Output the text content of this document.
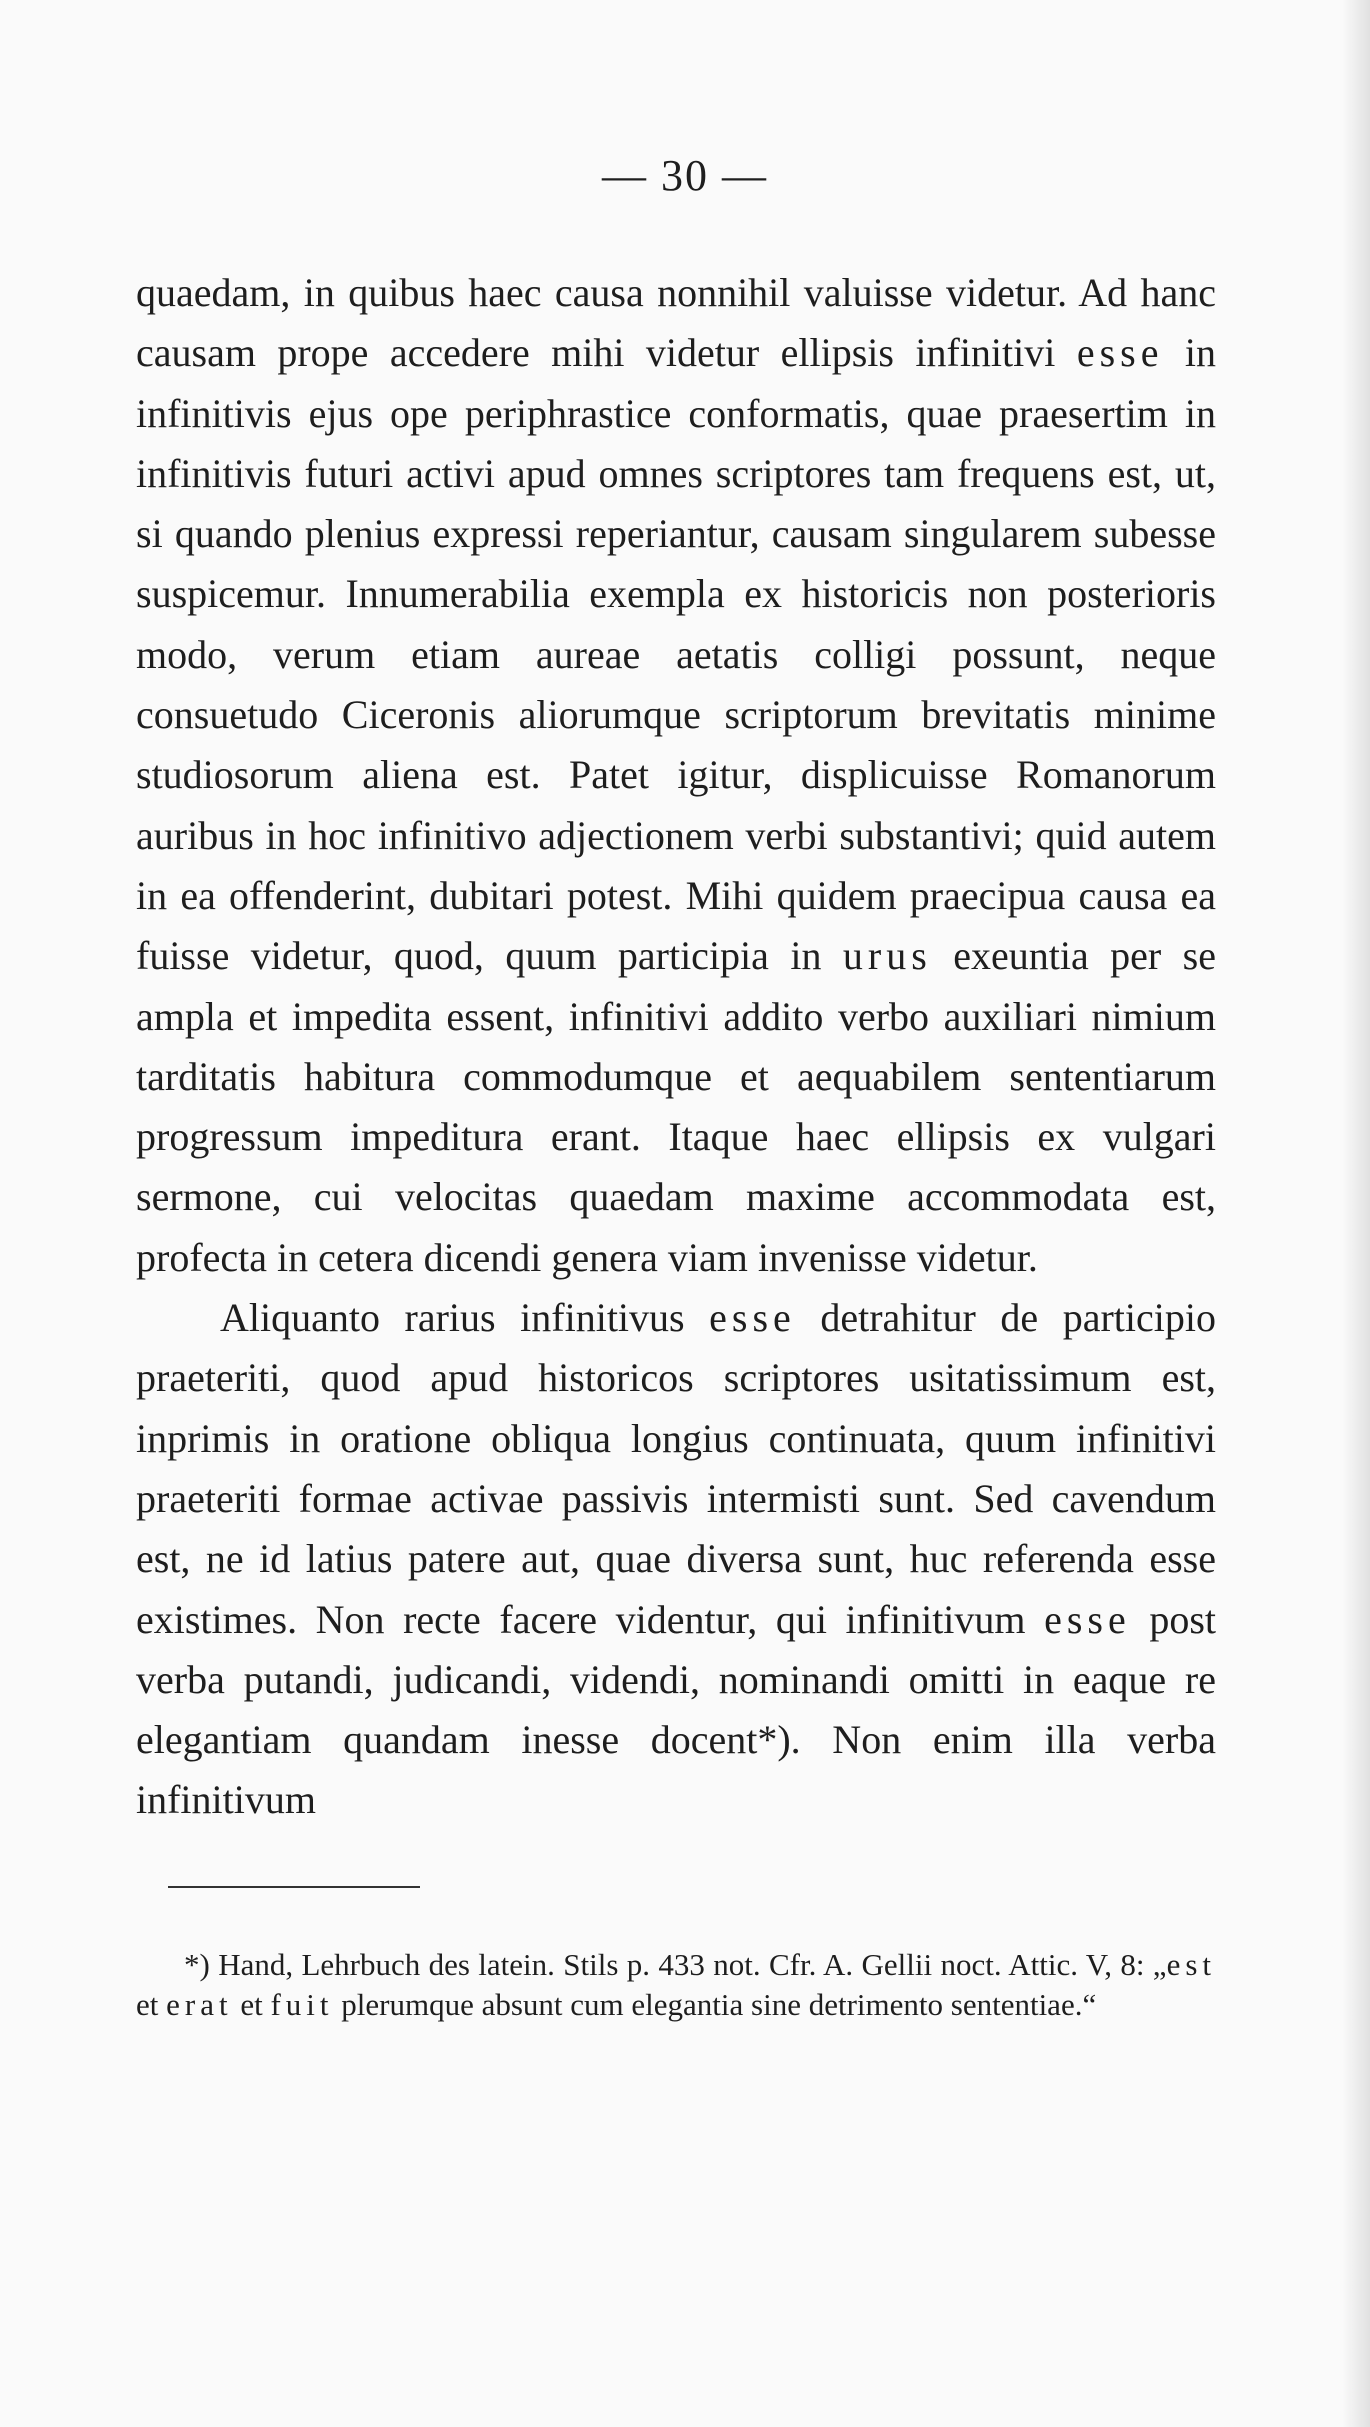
— 30 —

quaedam, in quibus haec causa nonnihil valuisse videtur. Ad hanc causam prope accedere mihi videtur ellipsis infinitivi esse in infinitivis ejus ope periphrastice conformatis, quae praesertim in infinitivis futuri activi apud omnes scriptores tam frequens est, ut, si quando plenius expressi reperiantur, causam singularem subesse suspicemur. Innumerabilia exempla ex historicis non posterioris modo, verum etiam aureae aetatis colligi possunt, neque consuetudo Ciceronis aliorumque scriptorum brevitatis minime studiosorum aliena est. Patet igitur, displicuisse Romanorum auribus in hoc infinitivo adjectionem verbi substantivi; quid autem in ea offenderint, dubitari potest. Mihi quidem praecipua causa ea fuisse videtur, quod, quum participia in urus exeuntia per se ampla et impedita essent, infinitivi addito verbo auxiliari nimium tarditatis habitura commodumque et aequabilem sententiarum progressum impeditura erant. Itaque haec ellipsis ex vulgari sermone, cui velocitas quaedam maxime accommodata est, profecta in cetera dicendi genera viam invenisse videtur.

Aliquanto rarius infinitivus esse detrahitur de participio praeteriti, quod apud historicos scriptores usitatissimum est, inprimis in oratione obliqua longius continuata, quum infinitivi praeteriti formae activae passivis intermisti sunt. Sed cavendum est, ne id latius patere aut, quae diversa sunt, huc referenda esse existimes. Non recte facere videntur, qui infinitivum esse post verba putandi, judicandi, videndi, nominandi omitti in eaque re elegantiam quandam inesse docent*). Non enim illa verba infinitivum

*) Hand, Lehrbuch des latein. Stils p. 433 not. Cfr. A. Gellii noct. Attic. V, 8: „est et erat et fuit plerumque absunt cum elegantia sine detrimento sententiae.“
